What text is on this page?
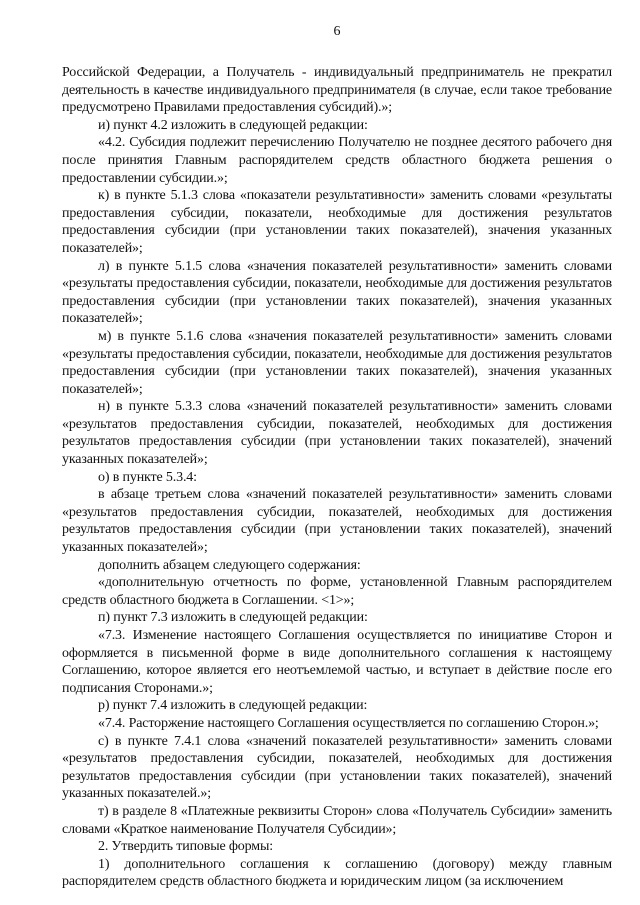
6

Российской Федерации, а Получатель - индивидуальный предприниматель не прекратил деятельность в качестве индивидуального предпринимателя (в случае, если такое требование предусмотрено Правилами предоставления субсидий).»;

и) пункт 4.2 изложить в следующей редакции:

«4.2. Субсидия подлежит перечислению Получателю не позднее десятого рабочего дня после принятия Главным распорядителем средств областного бюджета решения о предоставлении субсидии.»;

к) в пункте 5.1.3 слова «показатели результативности» заменить словами «результаты предоставления субсидии, показатели, необходимые для достижения результатов предоставления субсидии (при установлении таких показателей), значения указанных показателей»;

л) в пункте 5.1.5 слова «значения показателей результативности» заменить словами «результаты предоставления субсидии, показатели, необходимые для достижения результатов предоставления субсидии (при установлении таких показателей), значения указанных показателей»;

м) в пункте 5.1.6 слова «значения показателей результативности» заменить словами «результаты предоставления субсидии, показатели, необходимые для достижения результатов предоставления субсидии (при установлении таких показателей), значения указанных показателей»;

н) в пункте 5.3.3 слова «значений показателей результативности» заменить словами «результатов предоставления субсидии, показателей, необходимых для достижения результатов предоставления субсидии (при установлении таких показателей), значений указанных показателей»;

о) в пункте 5.3.4:

в абзаце третьем слова «значений показателей результативности» заменить словами «результатов предоставления субсидии, показателей, необходимых для достижения результатов предоставления субсидии (при установлении таких показателей), значений указанных показателей»;

дополнить абзацем следующего содержания:

«дополнительную отчетность по форме, установленной Главным распорядителем средств областного бюджета в Соглашении. <1>»;

п) пункт 7.3 изложить в следующей редакции:

«7.3. Изменение настоящего Соглашения осуществляется по инициативе Сторон и оформляется в письменной форме в виде дополнительного соглашения к настоящему Соглашению, которое является его неотъемлемой частью, и вступает в действие после его подписания Сторонами.»;

р) пункт 7.4 изложить в следующей редакции:

«7.4. Расторжение настоящего Соглашения осуществляется по соглашению Сторон.»;

с) в пункте 7.4.1 слова «значений показателей результативности» заменить словами «результатов предоставления субсидии, показателей, необходимых для достижения результатов предоставления субсидии (при установлении таких показателей), значений указанных показателей.»;

т) в разделе 8 «Платежные реквизиты Сторон» слова «Получатель Субсидии» заменить словами «Краткое наименование Получателя Субсидии»;

2. Утвердить типовые формы:

1) дополнительного соглашения к соглашению (договору) между главным распорядителем средств областного бюджета и юридическим лицом (за исключением
